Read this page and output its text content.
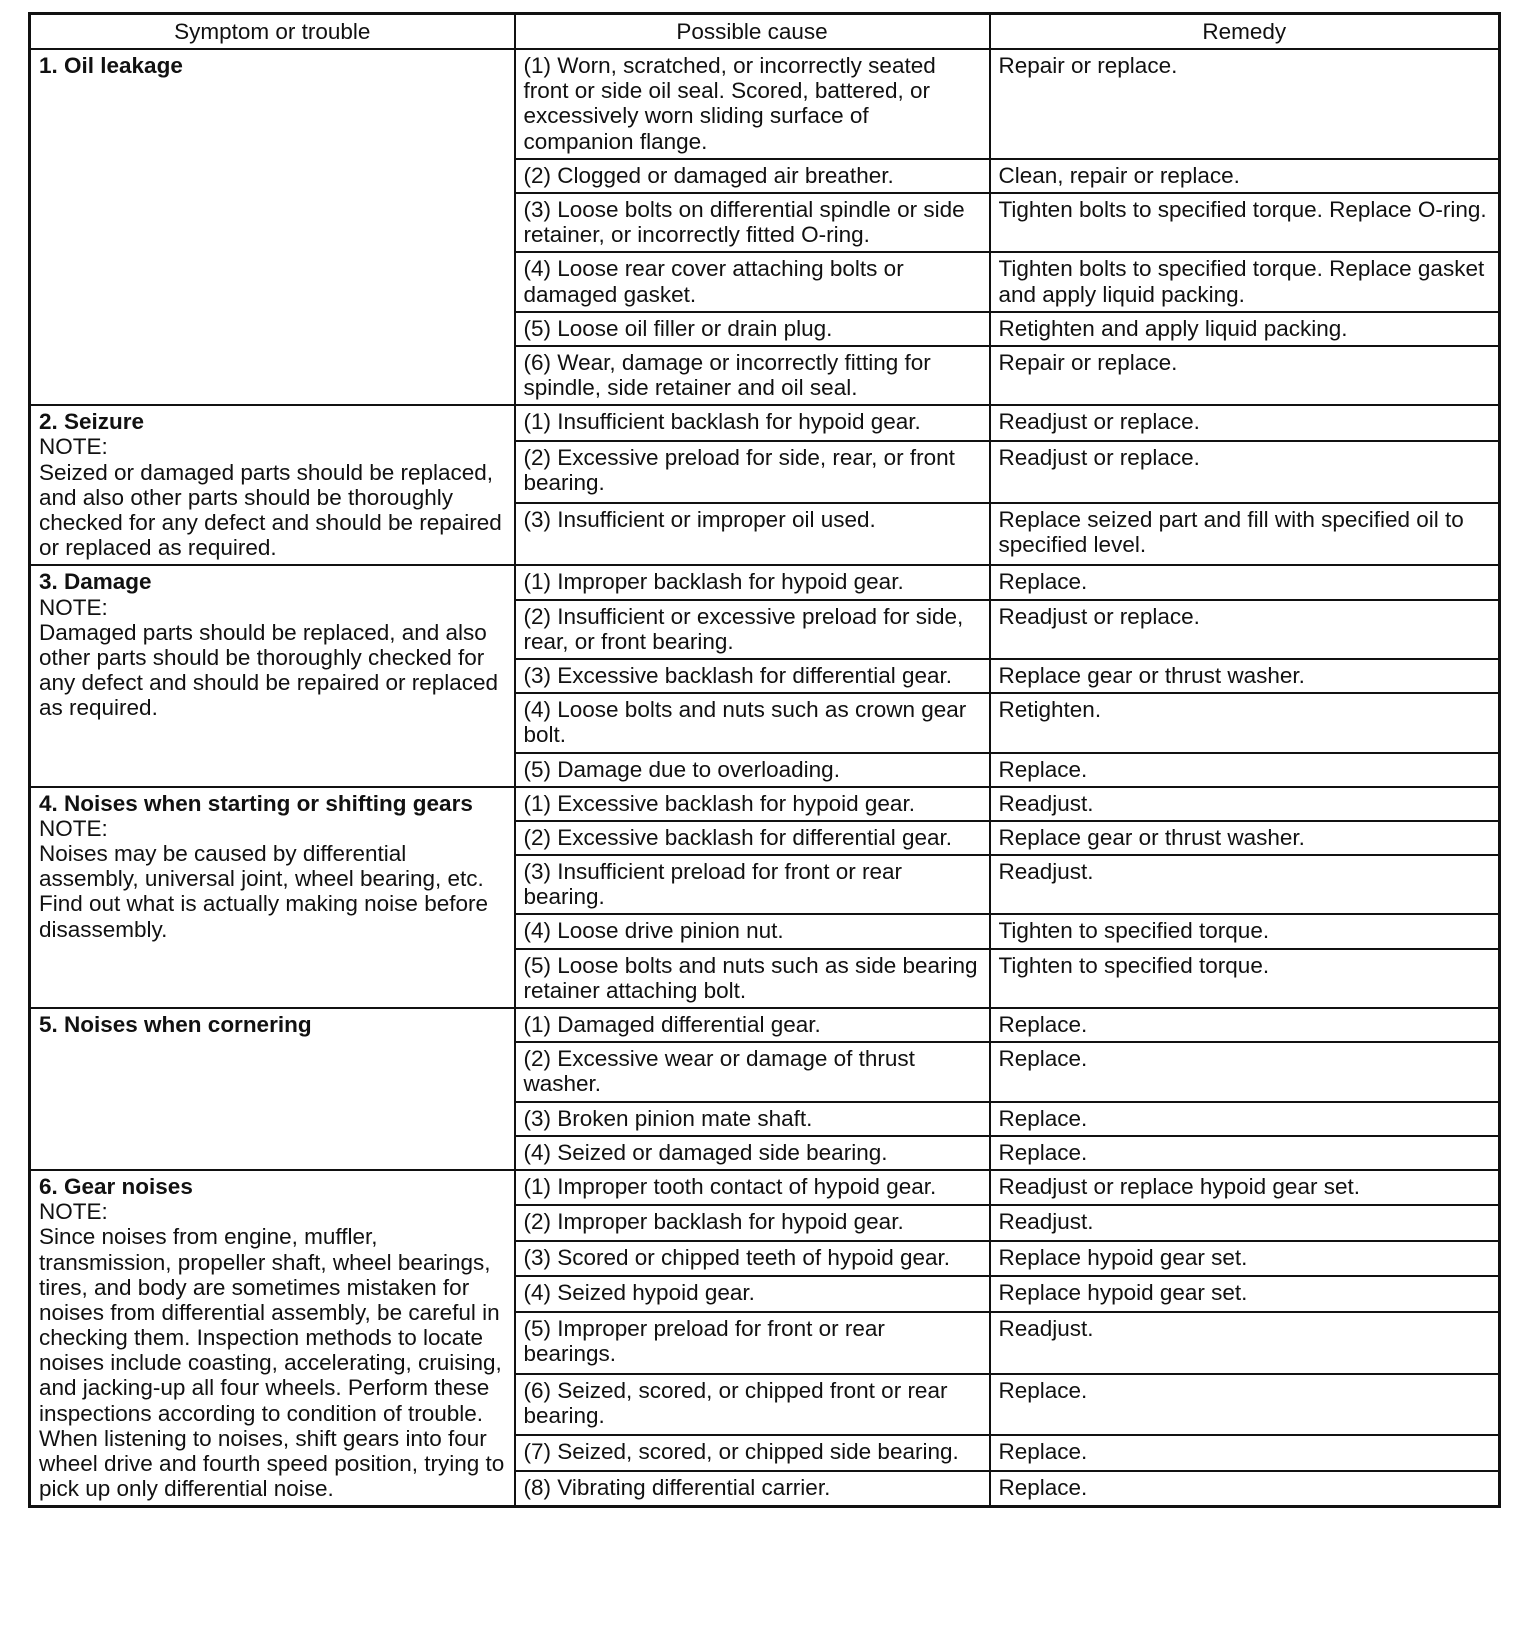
Symptom or trouble	Possible cause	Remedy

1. Oil leakage	(1) Worn, scratched, or incorrectly seated front or side oil seal. Scored, battered, or excessively worn sliding surface of companion flange.	Repair or replace.
	(2) Clogged or damaged air breather.	Clean, repair or replace.
	(3) Loose bolts on differential spindle or side retainer, or incorrectly fitted O-ring.	Tighten bolts to specified torque. Replace O-ring.
	(4) Loose rear cover attaching bolts or damaged gasket.	Tighten bolts to specified torque. Replace gasket and apply liquid packing.
	(5) Loose oil filler or drain plug.	Retighten and apply liquid packing.
	(6) Wear, damage or incorrectly fitting for spindle, side retainer and oil seal.	Repair or replace.

2. Seizure
NOTE:
Seized or damaged parts should be replaced, and also other parts should be thoroughly checked for any defect and should be repaired or replaced as required.	(1) Insufficient backlash for hypoid gear.	Readjust or replace.
	(2) Excessive preload for side, rear, or front bearing.	Readjust or replace.
	(3) Insufficient or improper oil used.	Replace seized part and fill with specified oil to specified level.

3. Damage
NOTE:
Damaged parts should be replaced, and also other parts should be thoroughly checked for any defect and should be repaired or replaced as required.	(1) Improper backlash for hypoid gear.	Replace.
	(2) Insufficient or excessive preload for side, rear, or front bearing.	Readjust or replace.
	(3) Excessive backlash for differential gear.	Replace gear or thrust washer.
	(4) Loose bolts and nuts such as crown gear bolt.	Retighten.
	(5) Damage due to overloading.	Replace.

4. Noises when starting or shifting gears
NOTE:
Noises may be caused by differential assembly, universal joint, wheel bearing, etc. Find out what is actually making noise before disassembly.	(1) Excessive backlash for hypoid gear.	Readjust.
	(2) Excessive backlash for differential gear.	Replace gear or thrust washer.
	(3) Insufficient preload for front or rear bearing.	Readjust.
	(4) Loose drive pinion nut.	Tighten to specified torque.
	(5) Loose bolts and nuts such as side bearing retainer attaching bolt.	Tighten to specified torque.

5. Noises when cornering	(1) Damaged differential gear.	Replace.
	(2) Excessive wear or damage of thrust washer.	Replace.
	(3) Broken pinion mate shaft.	Replace.
	(4) Seized or damaged side bearing.	Replace.

6. Gear noises
NOTE:
Since noises from engine, muffler, transmission, propeller shaft, wheel bearings, tires, and body are sometimes mistaken for noises from differential assembly, be careful in checking them. Inspection methods to locate noises include coasting, accelerating, cruising, and jacking-up all four wheels. Perform these inspections according to condition of trouble. When listening to noises, shift gears into four wheel drive and fourth speed position, trying to pick up only differential noise.	(1) Improper tooth contact of hypoid gear.	Readjust or replace hypoid gear set.
	(2) Improper backlash for hypoid gear.	Readjust.
	(3) Scored or chipped teeth of hypoid gear.	Replace hypoid gear set.
	(4) Seized hypoid gear.	Replace hypoid gear set.
	(5) Improper preload for front or rear bearings.	Readjust.
	(6) Seized, scored, or chipped front or rear bearing.	Replace.
	(7) Seized, scored, or chipped side bearing.	Replace.
	(8) Vibrating differential carrier.	Replace.
